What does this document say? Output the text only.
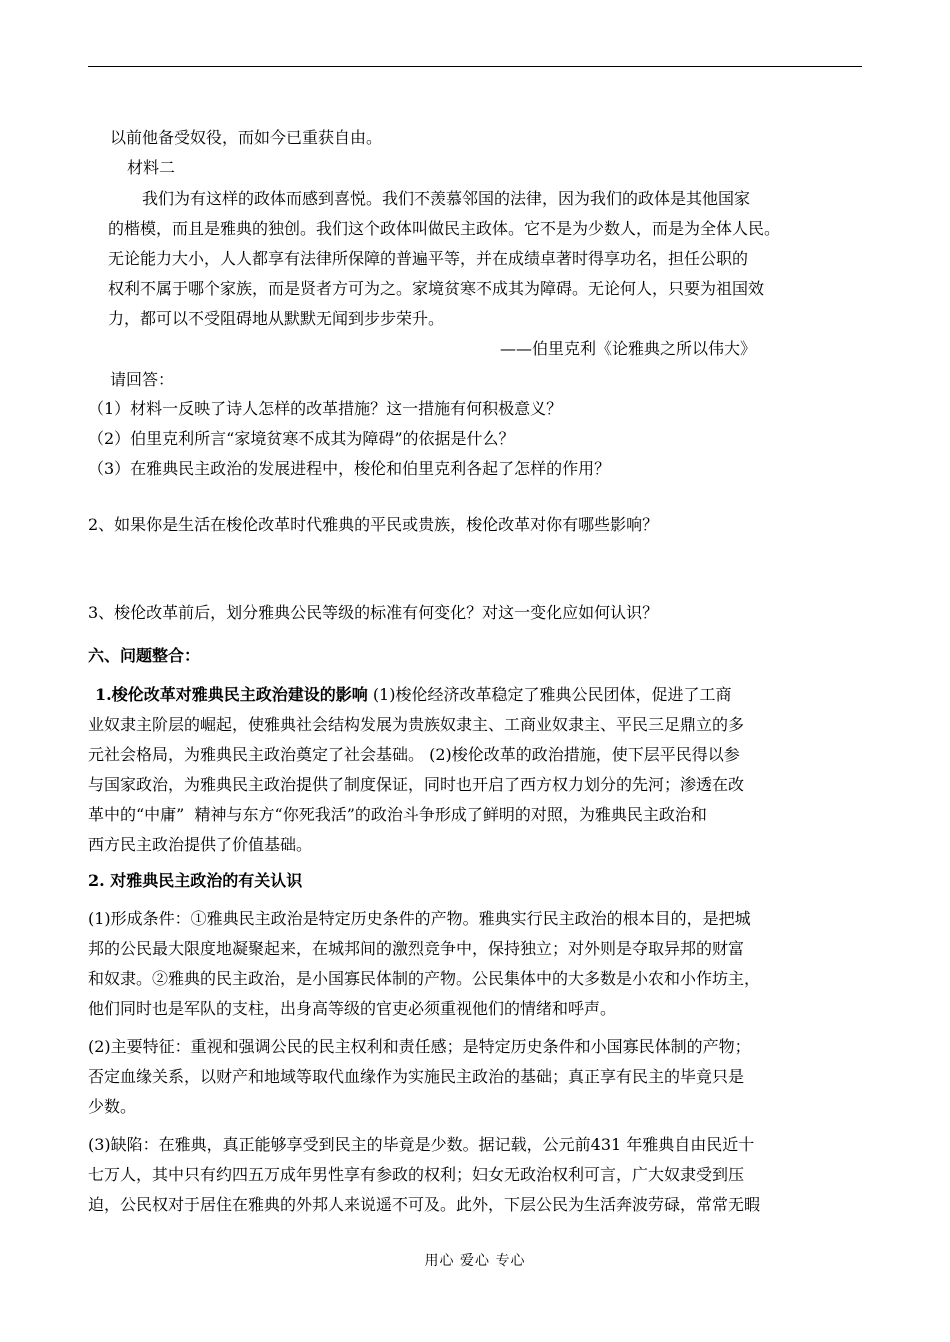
以前他备受奴役，而如今已重获自由。
材料二
我们为有这样的政体而感到喜悦。我们不羡慕邻国的法律，因为我们的政体是其他国家
的楷模，而且是雅典的独创。我们这个政体叫做民主政体。它不是为少数人，而是为全体人民。
无论能力大小，人人都享有法律所保障的普遍平等，并在成绩卓著时得享功名，担任公职的
权利不属于哪个家族，而是贤者方可为之。家境贫寒不成其为障碍。无论何人，只要为祖国效
力，都可以不受阻碍地从默默无闻到步步荣升。
——伯里克利《论雅典之所以伟大》
请回答：
（1）材料一反映了诗人怎样的改革措施？这一措施有何积极意义？
（2）伯里克利所言“家境贫寒不成其为障碍”的依据是什么？
（3）在雅典民主政治的发展进程中，梭伦和伯里克利各起了怎样的作用？
2、如果你是生活在梭伦改革时代雅典的平民或贵族，梭伦改革对你有哪些影响？
3、梭伦改革前后，划分雅典公民等级的标准有何变化？对这一变化应如何认识？
六、问题整合：
1.梭伦改革对雅典民主政治建设的影响 (1)梭伦经济改革稳定了雅典公民团体，促进了工商
业奴隶主阶层的崛起，使雅典社会结构发展为贵族奴隶主、工商业奴隶主、平民三足鼎立的多
元社会格局，为雅典民主政治奠定了社会基础。 (2)梭伦改革的政治措施，使下层平民得以参
与国家政治，为雅典民主政治提供了制度保证，同时也开启了西方权力划分的先河；渗透在改
革中的“中庸”  精神与东方“你死我活”的政治斗争形成了鲜明的对照，为雅典民主政治和
西方民主政治提供了价值基础。
2. 对雅典民主政治的有关认识
(1)形成条件：①雅典民主政治是特定历史条件的产物。雅典实行民主政治的根本目的，是把城
邦的公民最大限度地凝聚起来，在城邦间的激烈竞争中，保持独立；对外则是夺取异邦的财富
和奴隶。②雅典的民主政治，是小国寡民体制的产物。公民集体中的大多数是小农和小作坊主，
他们同时也是军队的支柱，出身高等级的官吏必须重视他们的情绪和呼声。
(2)主要特征：重视和强调公民的民主权利和责任感；是特定历史条件和小国寡民体制的产物；
否定血缘关系，以财产和地域等取代血缘作为实施民主政治的基础；真正享有民主的毕竟只是
少数。
(3)缺陷：在雅典，真正能够享受到民主的毕竟是少数。据记载，公元前431 年雅典自由民近十
七万人，其中只有约四五万成年男性享有参政的权利；妇女无政治权利可言，广大奴隶受到压
迫，公民权对于居住在雅典的外邦人来说遥不可及。此外，下层公民为生活奔波劳碌，常常无暇
用心 爱心 专心
